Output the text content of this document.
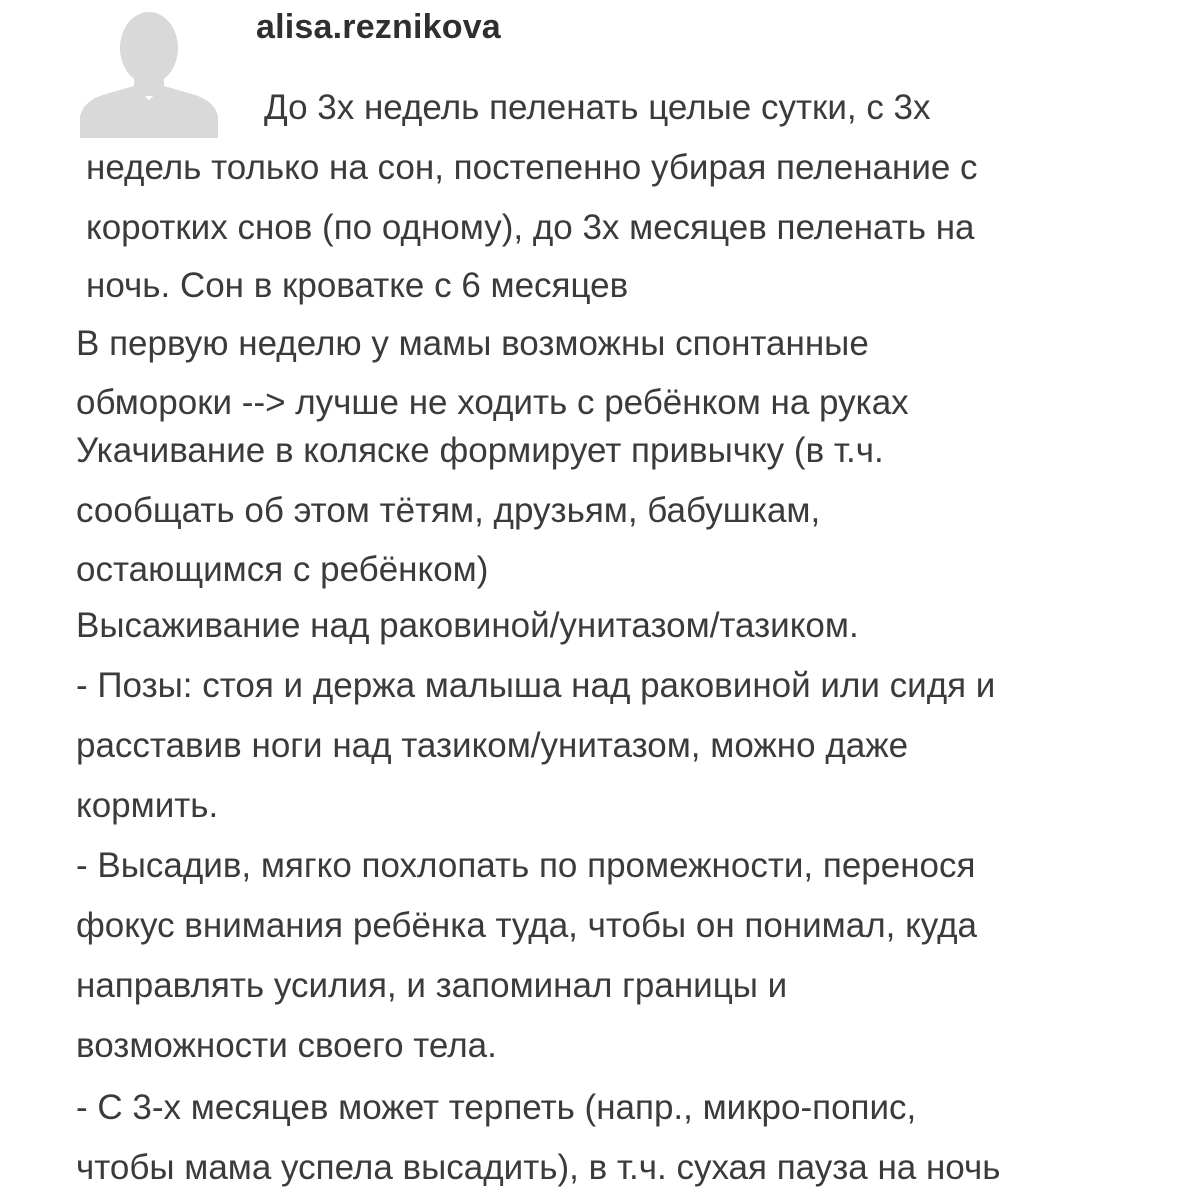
alisa.reznikova
До 3х недель пеленать целые сутки, с 3х
недель только на сон, постепенно убирая пеленание с
коротких снов (по одному), до 3х месяцев пеленать на
ночь. Сон в кроватке с 6 месяцев
В первую неделю у мамы возможны спонтанные
обмороки --> лучше не ходить с ребёнком на руках
Укачивание в коляске формирует привычку (в т.ч.
сообщать об этом тётям, друзьям, бабушкам,
остающимся с ребёнком)
Высаживание над раковиной/унитазом/тазиком.
- Позы: стоя и держа малыша над раковиной или сидя и
расставив ноги над тазиком/унитазом, можно даже
кормить.
- Высадив, мягко похлопать по промежности, перенося
фокус внимания ребёнка туда, чтобы он понимал, куда
направлять усилия, и запоминал границы и
возможности своего тела.
- С 3-х месяцев может терпеть (напр., микро-попис,
чтобы мама успела высадить), в т.ч. сухая пауза на ночь
